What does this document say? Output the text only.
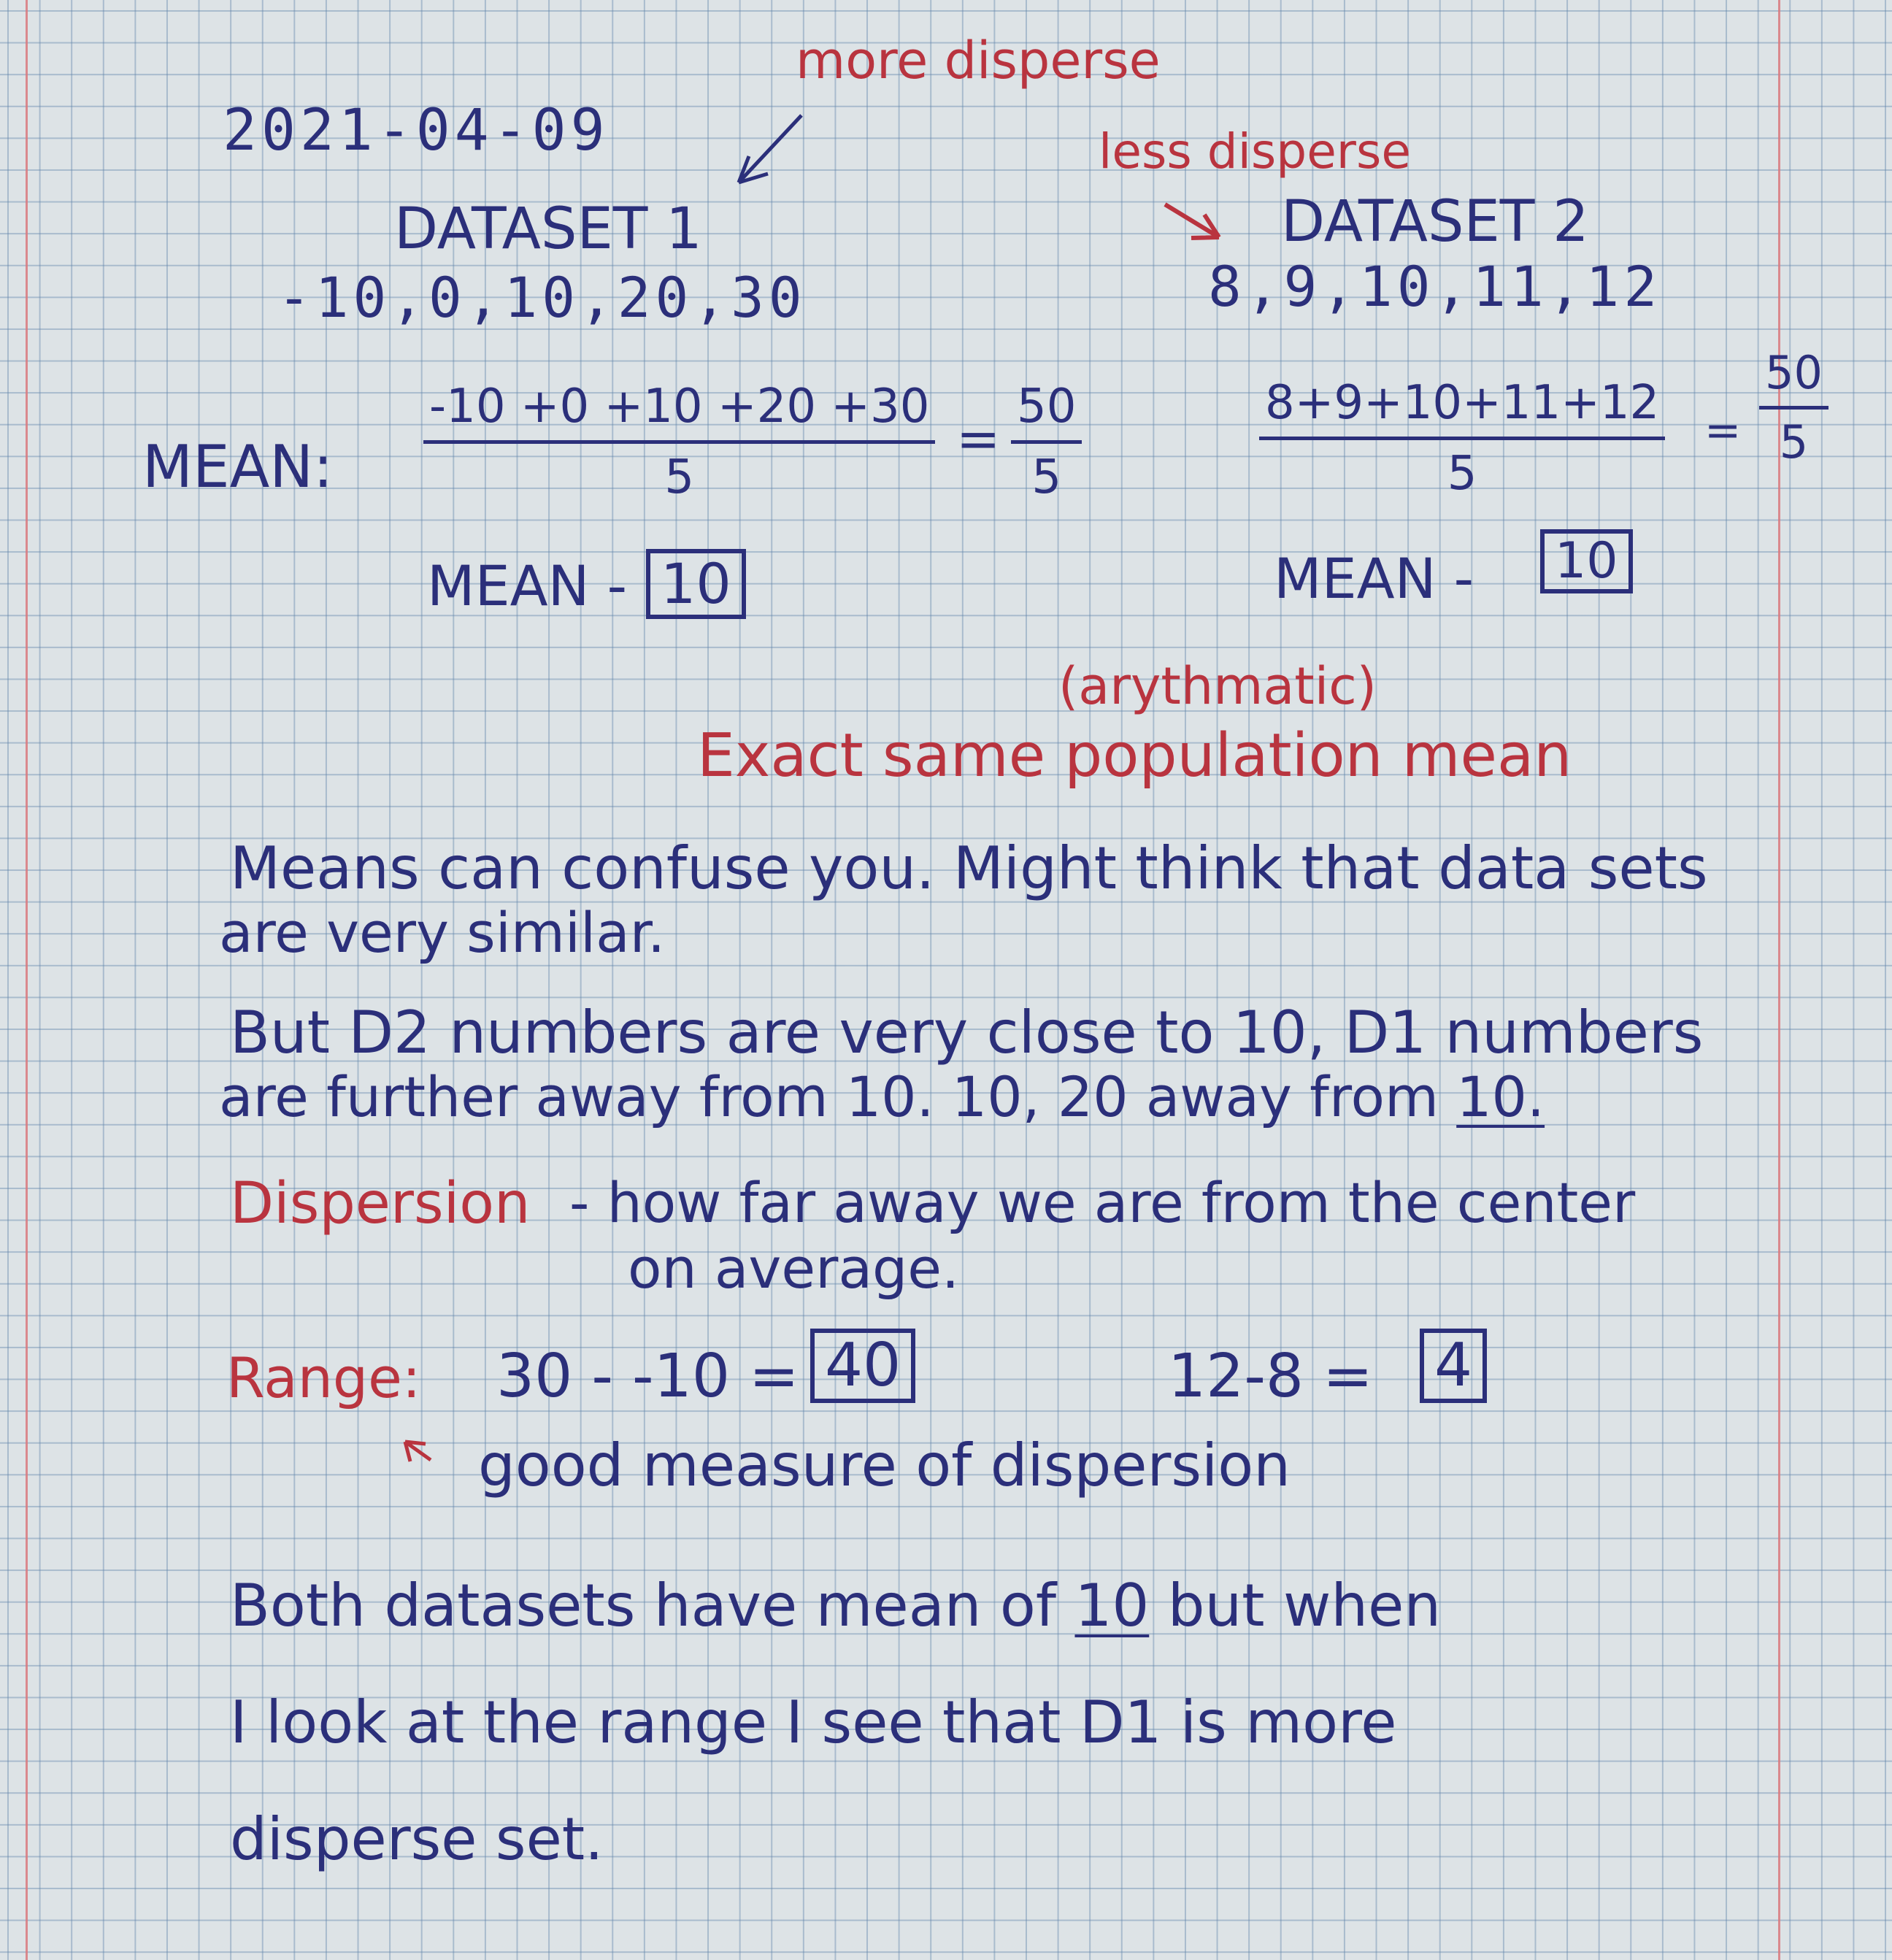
2021-04-09
more disperse
less disperse
DATASET 1
-10,0,10,20,30
MEAN: $\frac{-10 +0 +10 +20 +30}{5} = \frac{50}{5}$
MEAN - 10
DATASET 2
8,9,10,11,12
$\frac{8+9+10+11+12}{5} = \frac{50}{5}$
MEAN - 10
(arythmatic)
Exact same population mean
Means can confuse you. Might think that data sets
are very similar.
But D2 numbers are very close to 10, D1 numbers
are further away from 10. 10, 20 away from 10.
Dispersion - how far away we are from the center
on average.
Range: 30 - -10 = 40	12-8 = 4
good measure of dispersion
Both datasets have mean of 10 but when
I look at the range I see that D1 is more
disperse set.
